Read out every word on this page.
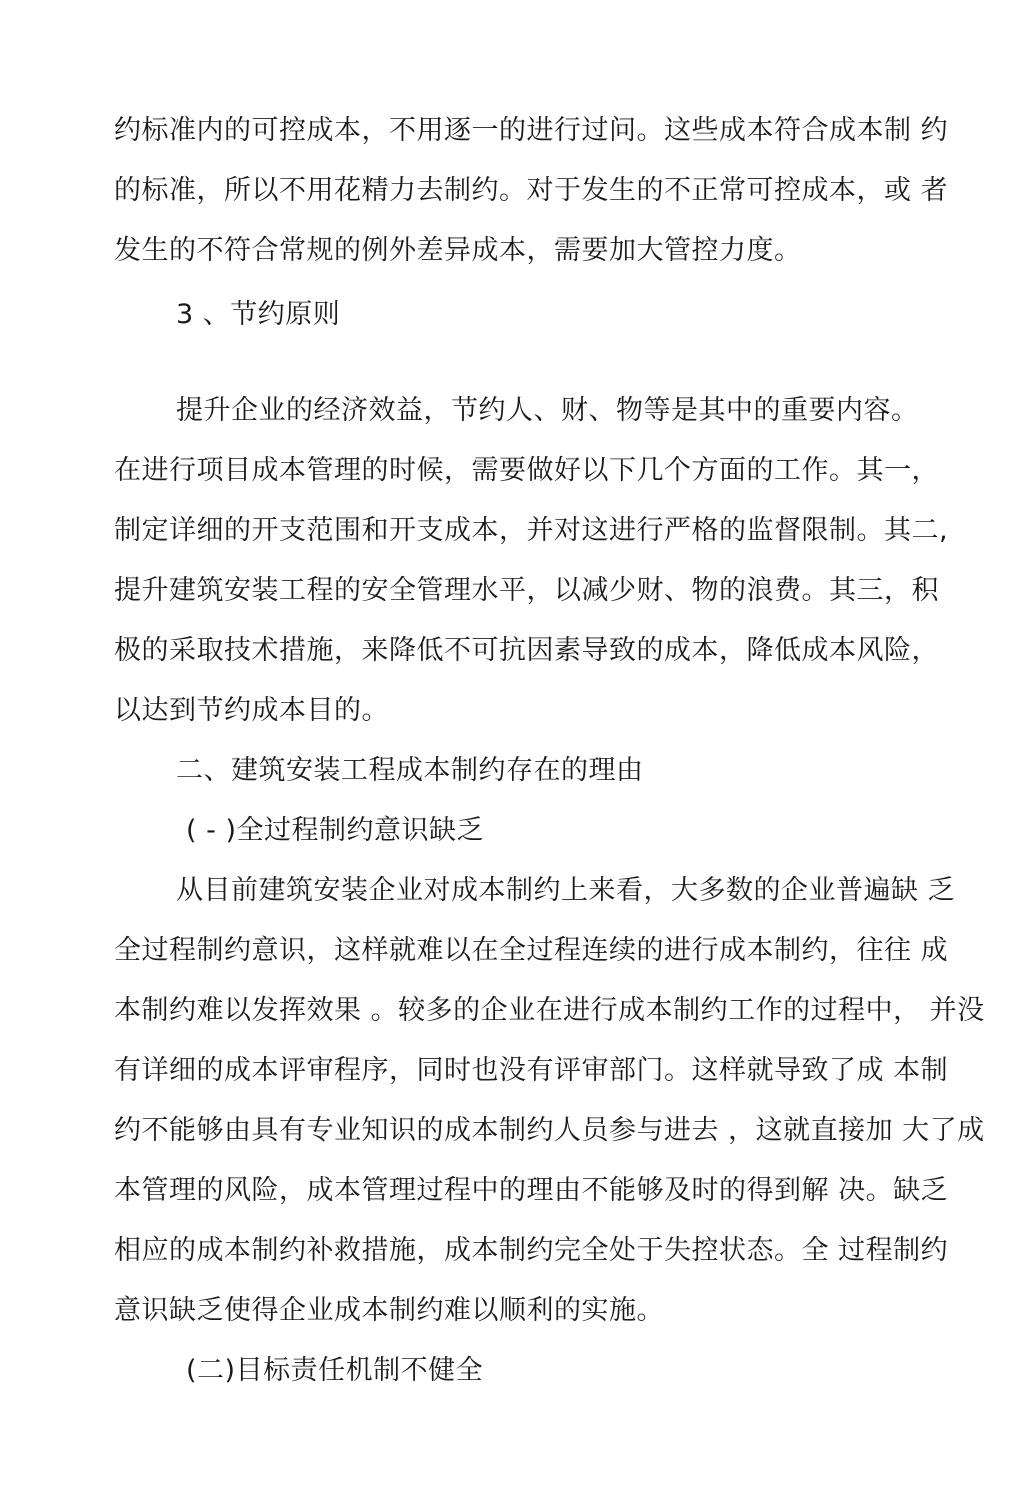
约标准内的可控成本，不用逐一的进行过问。这些成本符合成本制 约
的标准，所以不用花精力去制约。对于发生的不正常可控成本，或 者
发生的不符合常规的例外差异成本，需要加大管控力度。
3 、节约原则
提升企业的经济效益，节约人、财、物等是其中的重要内容。
在进行项目成本管理的时候，需要做好以下几个方面的工作。其一，
制定详细的开支范围和开支成本，并对这进行严格的监督限制。其二,
提升建筑安装工程的安全管理水平，以减少财、物的浪费。其三，积
极的采取技术措施，来降低不可抗因素导致的成本，降低成本风险，
以达到节约成本目的。
二、建筑安装工程成本制约存在的理由
( - )全过程制约意识缺乏
从目前建筑安装企业对成本制约上来看，大多数的企业普遍缺 乏
全过程制约意识，这样就难以在全过程连续的进行成本制约，往往 成
本制约难以发挥效果 。较多的企业在进行成本制约工作的过程中， 并没
有详细的成本评审程序，同时也没有评审部门。这样就导致了成 本制
约不能够由具有专业知识的成本制约人员参与进去 ，这就直接加 大了成
本管理的风险，成本管理过程中的理由不能够及时的得到解 决。缺乏
相应的成本制约补救措施，成本制约完全处于失控状态。全 过程制约
意识缺乏使得企业成本制约难以顺利的实施。
(二)目标责任机制不健全
